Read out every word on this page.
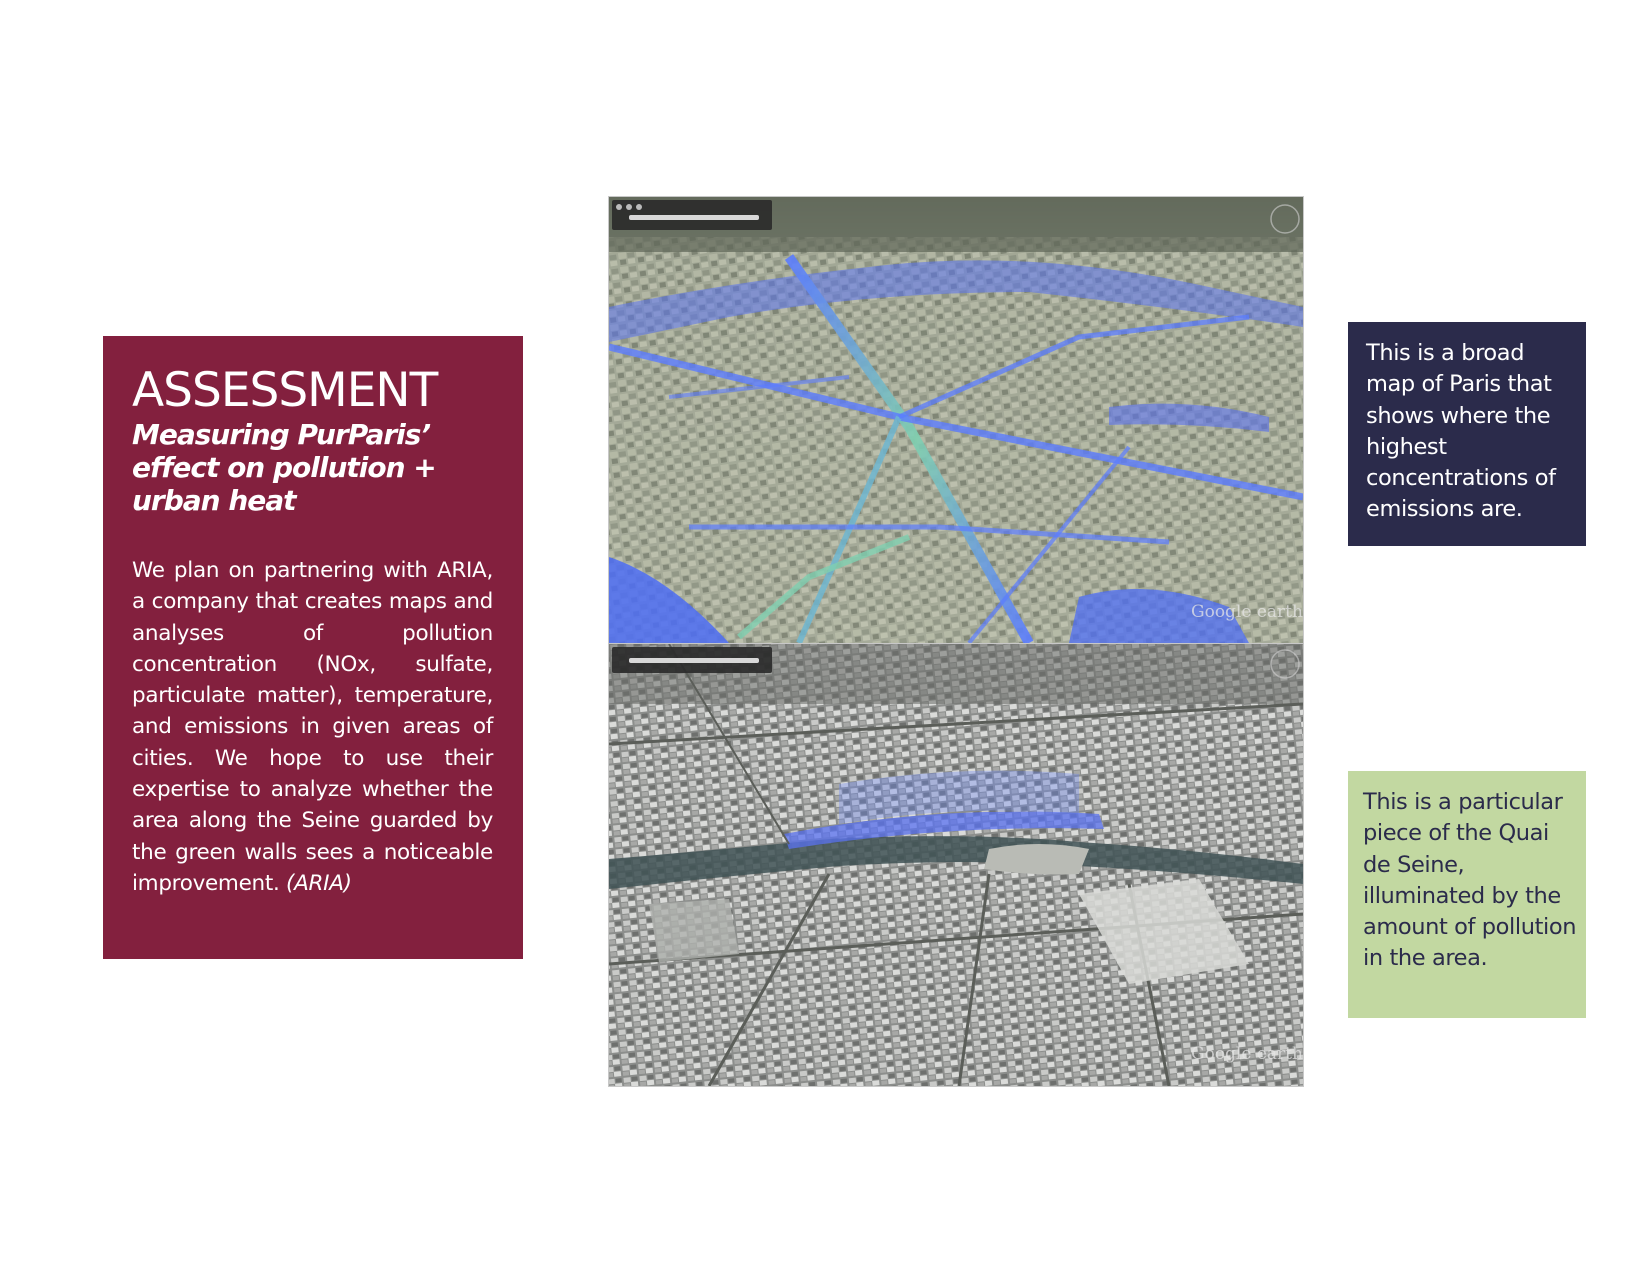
ASSESSMENT
Measuring PurParis’ effect on pollution + urban heat

We plan on partnering with ARIA, a company that creates maps and analyses of pollution concentration (NOx, sulfate, particulate matter), temperature, and emissions in given areas of cities. We hope to use their expertise to analyze whether the area along the Seine guarded by the green walls sees a noticeable improvement. (ARIA)

Google earth
Google earth
This is a broad map of Paris that shows where the highest concentrations of emissions are.
This is a particular piece of the Quai de Seine, illuminated by the amount of pollution in the area.
